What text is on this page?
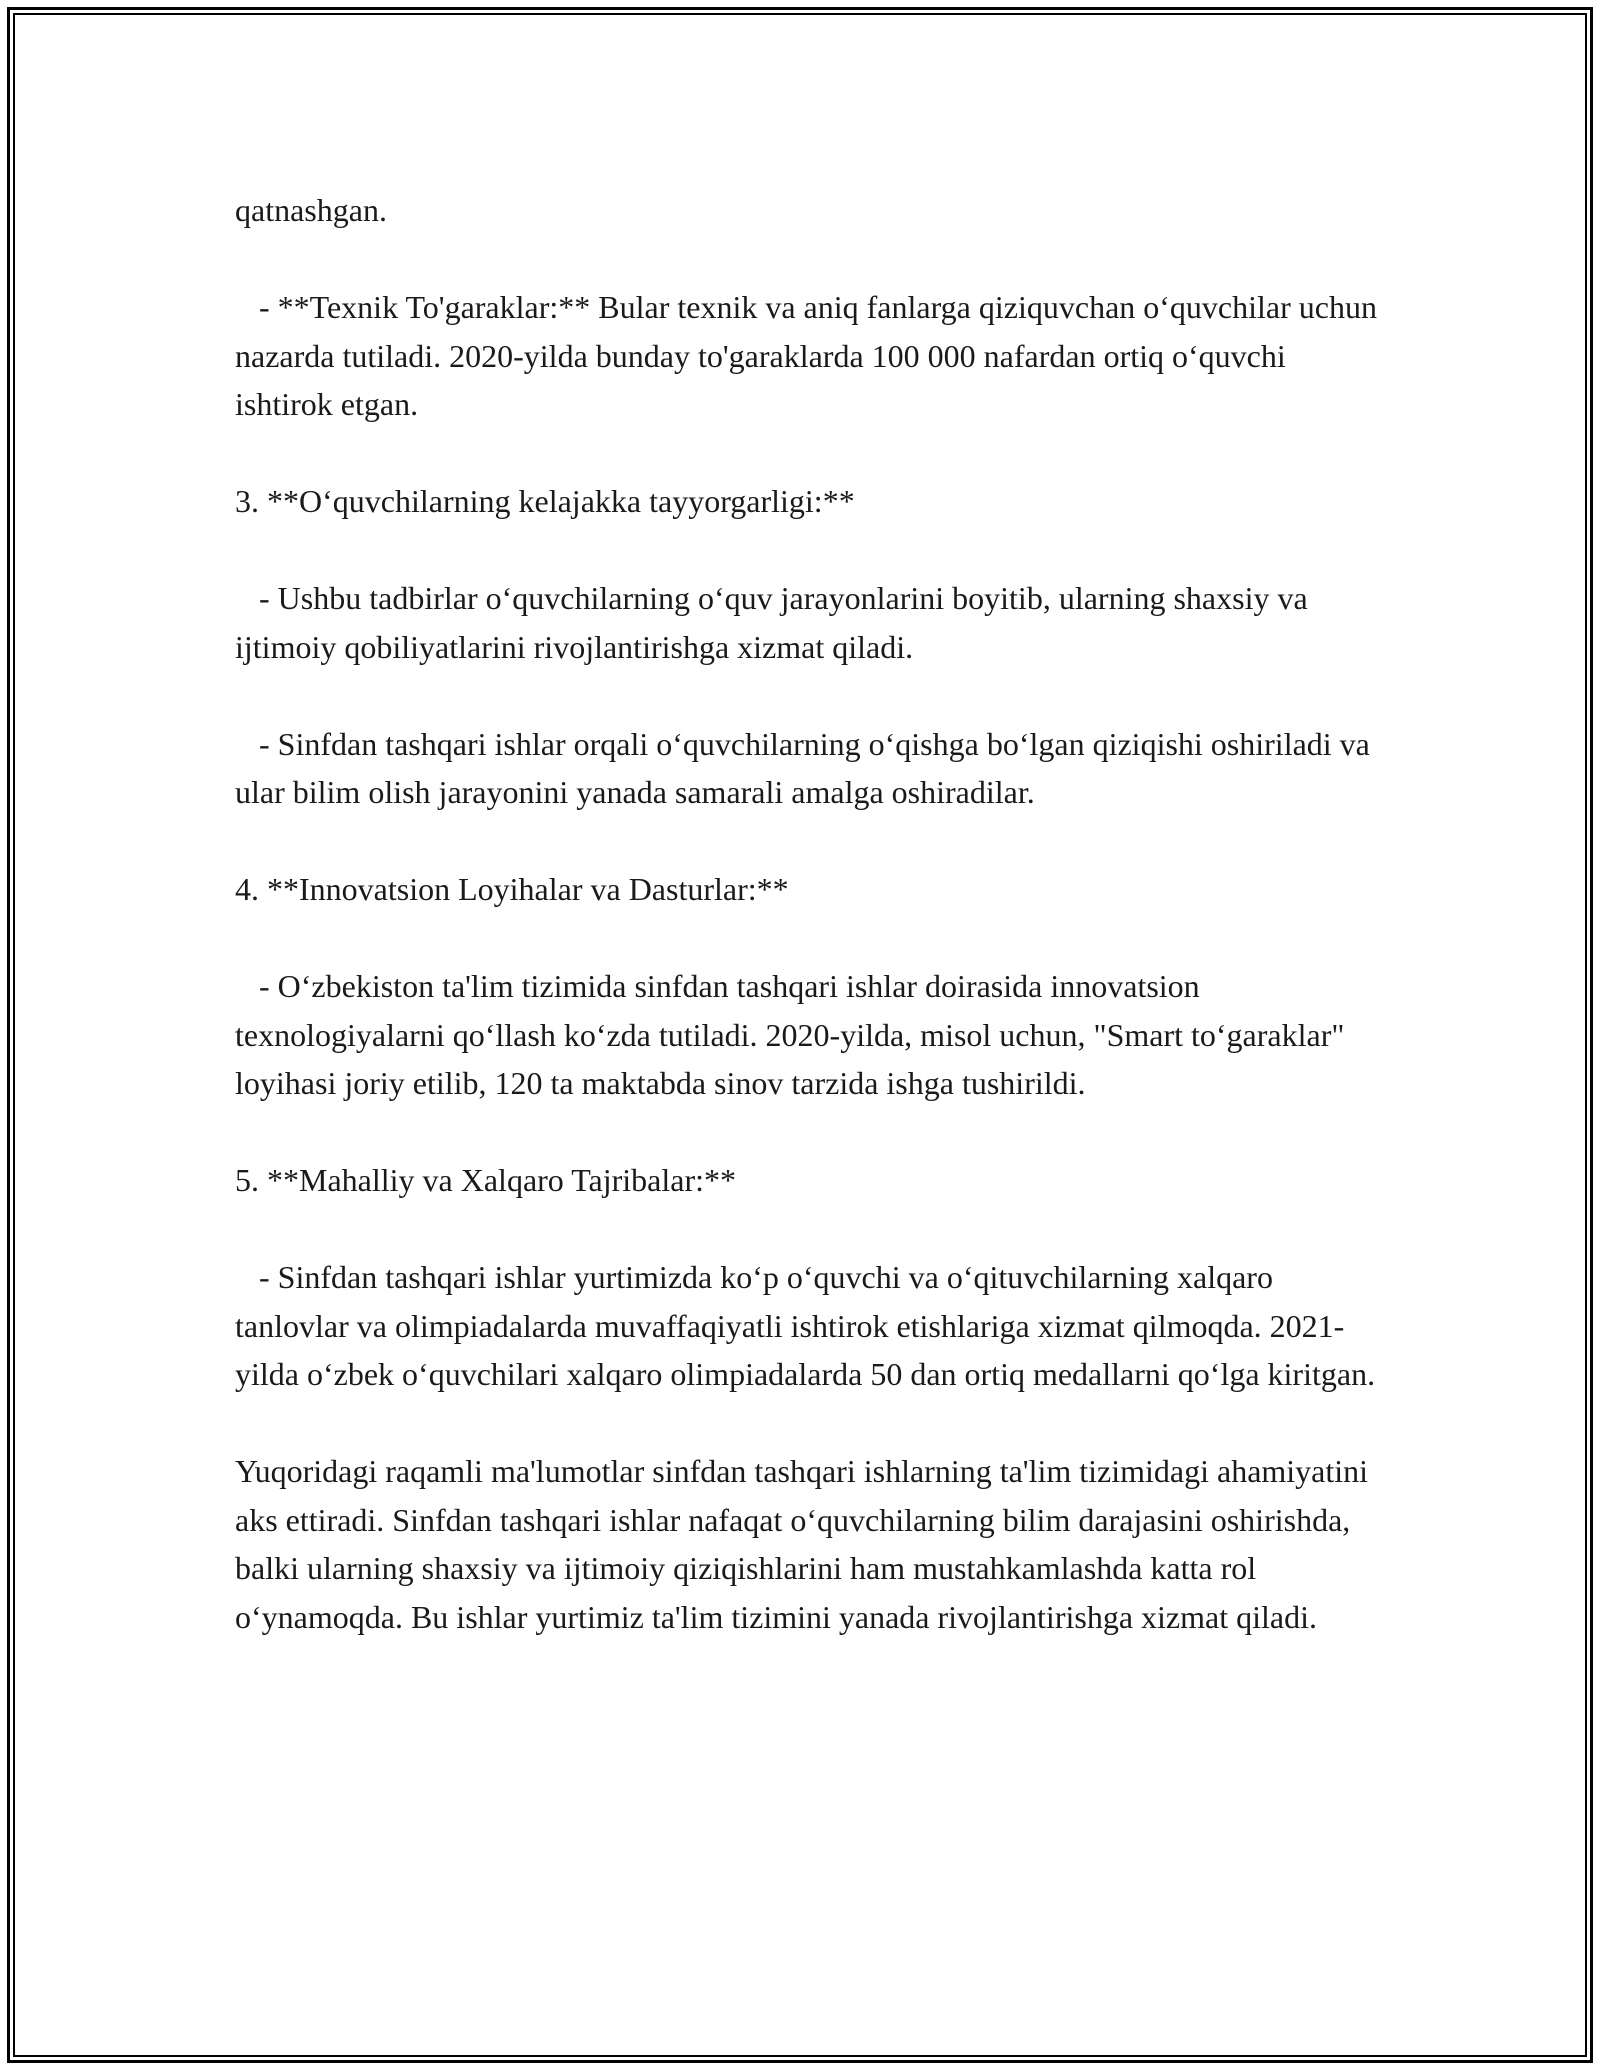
qatnashgan.

- **Texnik To'garaklar:** Bular texnik va aniq fanlarga qiziquvchan o‘quvchilar uchun nazarda tutiladi. 2020-yilda bunday to'garaklarda 100 000 nafardan ortiq o‘quvchi ishtirok etgan.

3. **O‘quvchilarning kelajakka tayyorgarligi:**

- Ushbu tadbirlar o‘quvchilarning o‘quv jarayonlarini boyitib, ularning shaxsiy va ijtimoiy qobiliyatlarini rivojlantirishga xizmat qiladi.

- Sinfdan tashqari ishlar orqali o‘quvchilarning o‘qishga bo‘lgan qiziqishi oshiriladi va ular bilim olish jarayonini yanada samarali amalga oshiradilar.

4. **Innovatsion Loyihalar va Dasturlar:**

- O‘zbekiston ta'lim tizimida sinfdan tashqari ishlar doirasida innovatsion texnologiyalarni qo‘llash ko‘zda tutiladi. 2020-yilda, misol uchun, "Smart to‘garaklar" loyihasi joriy etilib, 120 ta maktabda sinov tarzida ishga tushirildi.

5. **Mahalliy va Xalqaro Tajribalar:**

- Sinfdan tashqari ishlar yurtimizda ko‘p o‘quvchi va o‘qituvchilarning xalqaro tanlovlar va olimpiadalarda muvaffaqiyatli ishtirok etishlariga xizmat qilmoqda. 2021-yilda o‘zbek o‘quvchilari xalqaro olimpiadalarda 50 dan ortiq medallarni qo‘lga kiritgan.

Yuqoridagi raqamli ma'lumotlar sinfdan tashqari ishlarning ta'lim tizimidagi ahamiyatini aks ettiradi. Sinfdan tashqari ishlar nafaqat o‘quvchilarning bilim darajasini oshirishda, balki ularning shaxsiy va ijtimoiy qiziqishlarini ham mustahkamlashda katta rol o‘ynamoqda. Bu ishlar yurtimiz ta'lim tizimini yanada rivojlantirishga xizmat qiladi.
